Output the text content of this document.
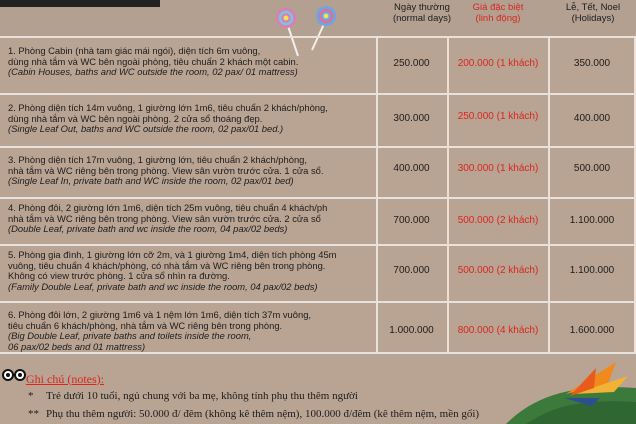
Ngày thường
(normal days)
Giá đặc biệt
(linh động)
Lễ, Tết, Noel
(Holidays)
1. Phòng Cabin (nhà tam giác mái ngói), diện tích 6m vuông,
dùng nhà tắm và WC bên ngoài phòng, tiêu chuẩn 2 khách một cabin.
(Cabin Houses, baths and WC outside the room, 02 pax/ 01 mattress)
250.000	200.000 (1 khách)	350.000
2. Phòng diện tích 14m vuông, 1 giường lớn 1m6, tiêu chuẩn 2 khách/phòng,
dùng nhà tắm và WC bên ngoài phòng. 2 cửa sổ thoáng đẹp.
(Single Leaf Out, baths and WC outside the room, 02 pax/01 bed.)
300.000	250.000 (1 khách)	400.000
3. Phòng diện tích 17m vuông, 1 giường lớn, tiêu chuẩn 2 khách/phòng,
nhà tắm và WC riêng bên trong phòng. View sân vườn trước cửa. 1 cửa sổ.
(Single Leaf In, private bath and WC inside the room, 02 pax/01 bed)
400.000	300.000 (1 khách)	500.000
4. Phòng đôi, 2 giường lớn 1m6, diện tích 25m vuông, tiêu chuẩn 4 khách/ph
nhà tắm và WC riêng bên trong phòng. View sân vườn trước cửa. 2 cửa sổ
(Double Leaf, private bath and wc inside the room, 04 pax/02 beds)
700.000	500.000 (2 khách)	1.100.000
5. Phòng gia đình, 1 giường lớn cỡ 2m, và 1 giường 1m4, diện tích phòng 45m
vuông, tiêu chuẩn 4 khách/phòng, có nhà tắm và WC riêng bên trong phòng.
Không có view trước phòng. 1 cửa sổ nhìn ra đường.
(Family Double Leaf, private bath and wc inside the room, 04 pax/02 beds)
700.000	500.000 (2 khách)	1.100.000
6. Phòng đôi lớn, 2 giường 1m6 và 1 nệm lớn 1m6, diện tích 37m vuông,
tiêu chuẩn 6 khách/phòng, nhà tắm và WC riêng bên trong phòng.
(Big Double Leaf, private baths and toilets inside the room,
06 pax/02 beds and 01 mattress)
1.000.000	800.000 (4 khách)	1.600.000
Ghi chú (notes):
* Trẻ dưới 10 tuổi, ngủ chung với ba mẹ, không tính phụ thu thêm người
** Phụ thu thêm người: 50.000 đ/ đêm (không kê thêm nệm), 100.000 đ/đêm (kê thêm nệm, mền gối)
